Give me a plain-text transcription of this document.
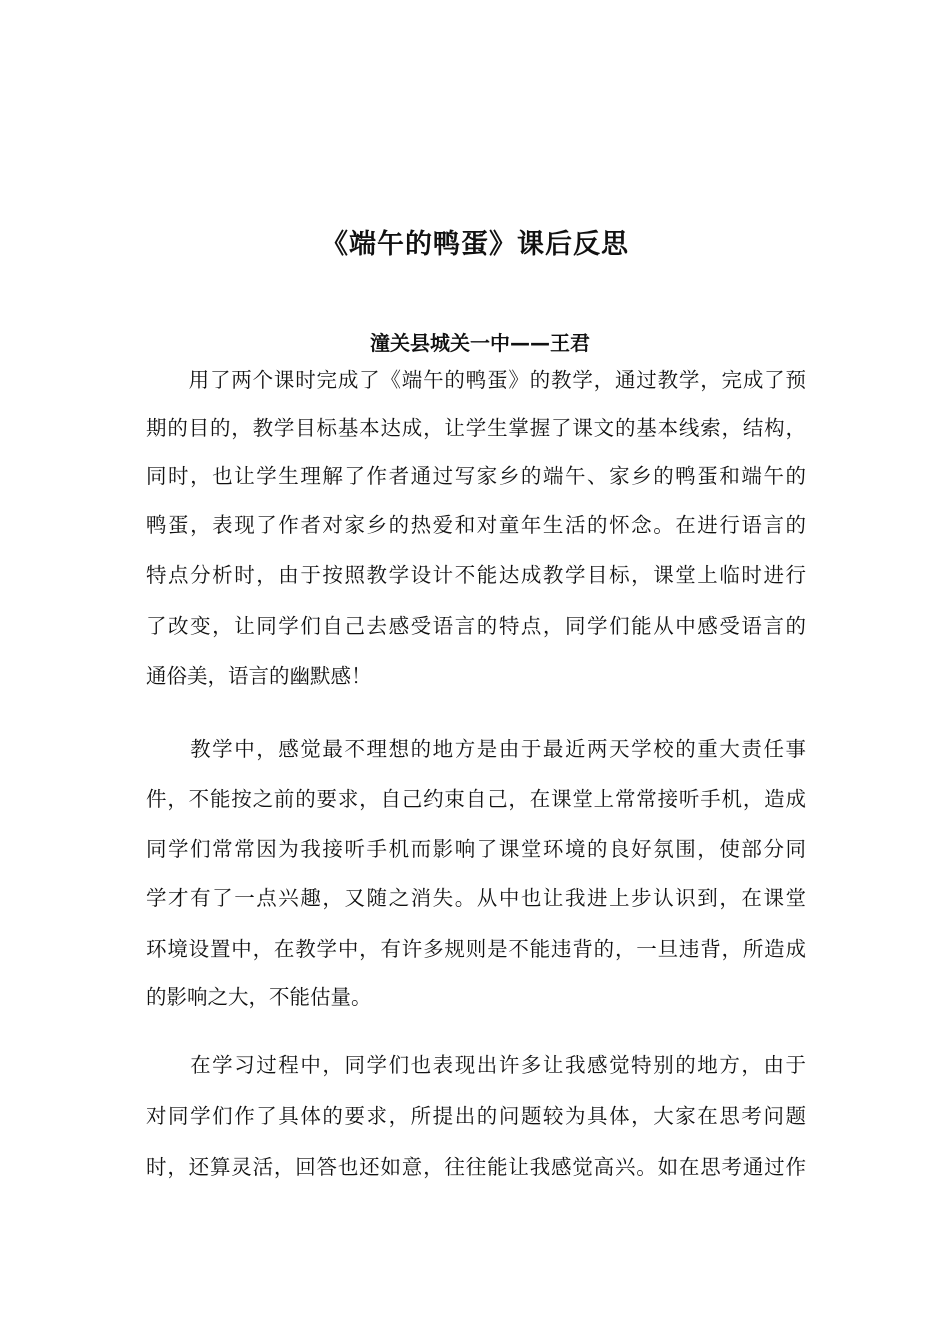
《端午的鸭蛋》课后反思
潼关县城关一中——王君
　　用了两个课时完成了《端午的鸭蛋》的教学，通过教学，完成了预
期的目的，教学目标基本达成，让学生掌握了课文的基本线索，结构，
同时，也让学生理解了作者通过写家乡的端午、家乡的鸭蛋和端午的
鸭蛋，表现了作者对家乡的热爱和对童年生活的怀念。在进行语言的
特点分析时，由于按照教学设计不能达成教学目标，课堂上临时进行
了改变，让同学们自己去感受语言的特点，同学们能从中感受语言的
通俗美，语言的幽默感！
　　教学中，感觉最不理想的地方是由于最近两天学校的重大责任事
件，不能按之前的要求，自己约束自己，在课堂上常常接听手机，造成
同学们常常因为我接听手机而影响了课堂环境的良好氛围，使部分同
学才有了一点兴趣，又随之消失。从中也让我进上步认识到，在课堂
环境设置中，在教学中，有许多规则是不能违背的，一旦违背，所造成
的影响之大，不能估量。
　　在学习过程中，同学们也表现出许多让我感觉特别的地方，由于
对同学们作了具体的要求，所提出的问题较为具体，大家在思考问题
时，还算灵活，回答也还如意，往往能让我感觉高兴。如在思考通过作
